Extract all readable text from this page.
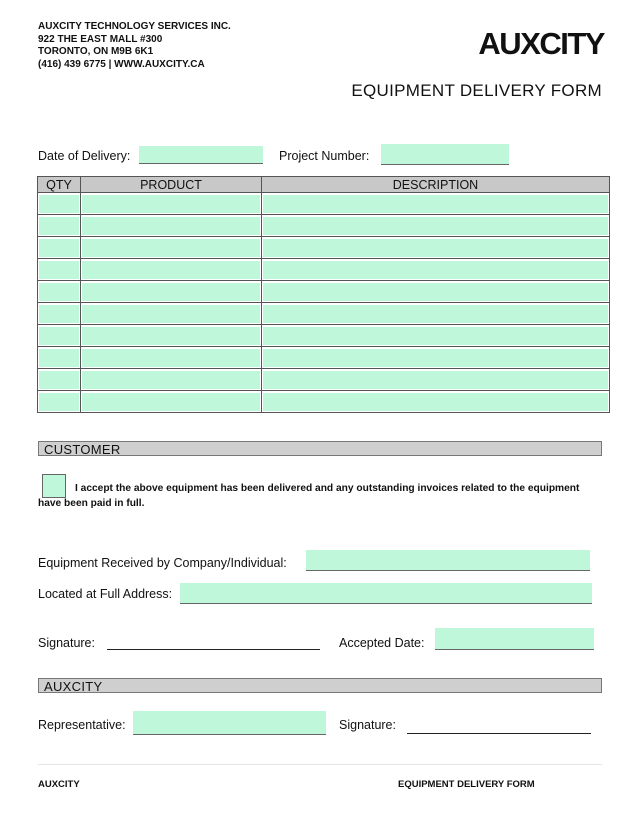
AUXCITY TECHNOLOGY SERVICES INC.
922 THE EAST MALL #300
TORONTO, ON M9B 6K1
(416) 439 6775 | WWW.AUXCITY.CA
AUXCITY
EQUIPMENT DELIVERY FORM
Date of Delivery:	Project Number:
QTY	PRODUCT	DESCRIPTION

CUSTOMER
I accept the above equipment has been delivered and any outstanding invoices related to the equipment have been paid in full.
Equipment Received by Company/Individual:
Located at Full Address:
Signature:	Accepted Date:
AUXCITY
Representative:	Signature:
AUXCITY	EQUIPMENT DELIVERY FORM
